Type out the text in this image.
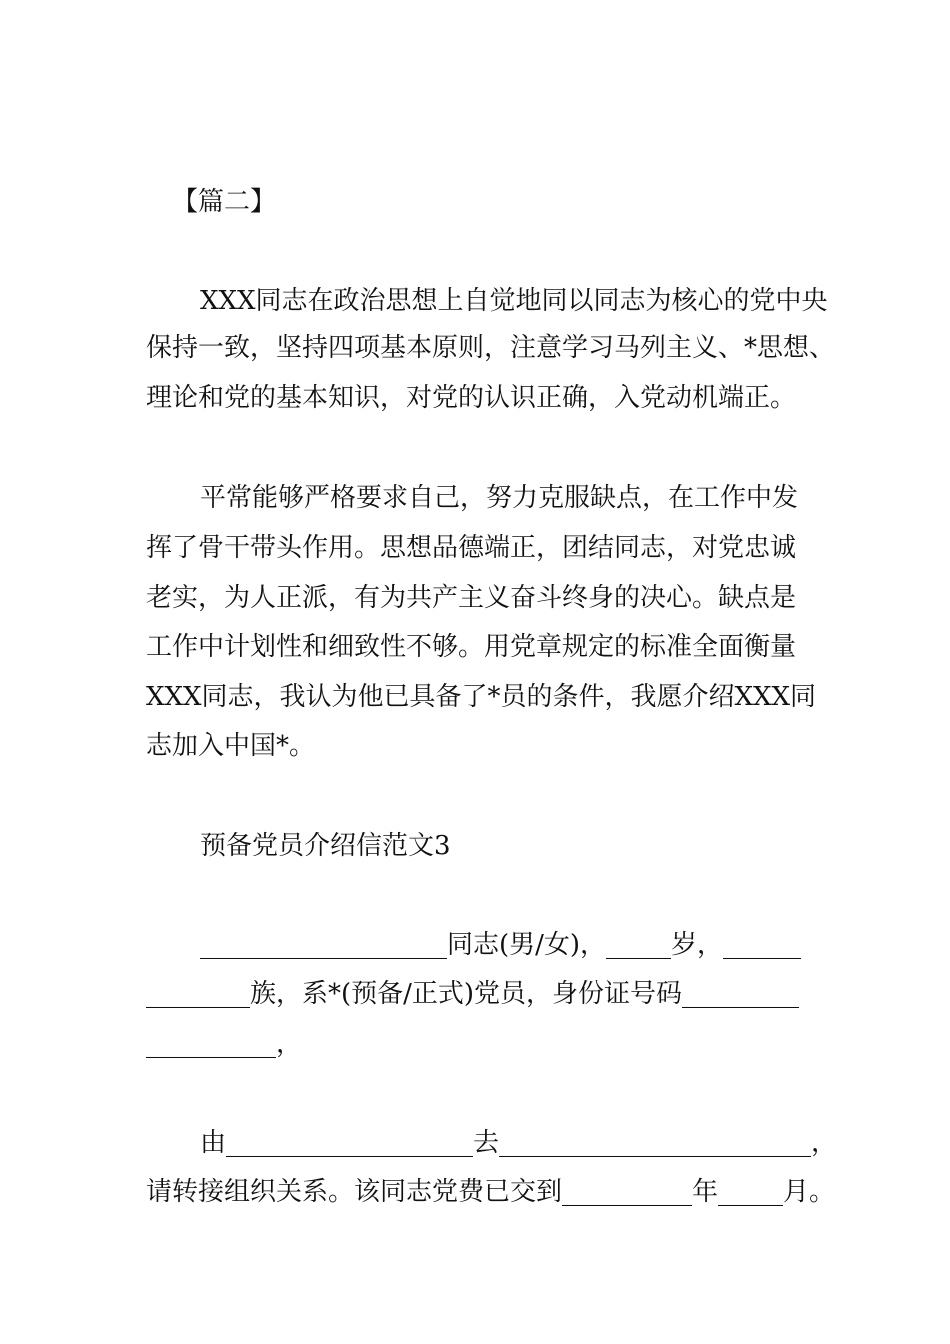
【篇二】
XXX同志在政治思想上自觉地同以同志为核心的党中央
保持一致，坚持四项基本原则，注意学习马列主义、*思想、
理论和党的基本知识，对党的认识正确，入党动机端正。
平常能够严格要求自己，努力克服缺点，在工作中发
挥了骨干带头作用。思想品德端正，团结同志，对党忠诚
老实，为人正派，有为共产主义奋斗终身的决心。缺点是
工作中计划性和细致性不够。用党章规定的标准全面衡量
XXX同志，我认为他已具备了*员的条件，我愿介绍XXX同
志加入中国*。
预备党员介绍信范文3
___________________同志(男/女)，_____岁，______
________族，系*(预备/正式)党员，身份证号码_________
__________，
由___________________去________________________，
请转接组织关系。该同志党费已交到__________年_____月。
